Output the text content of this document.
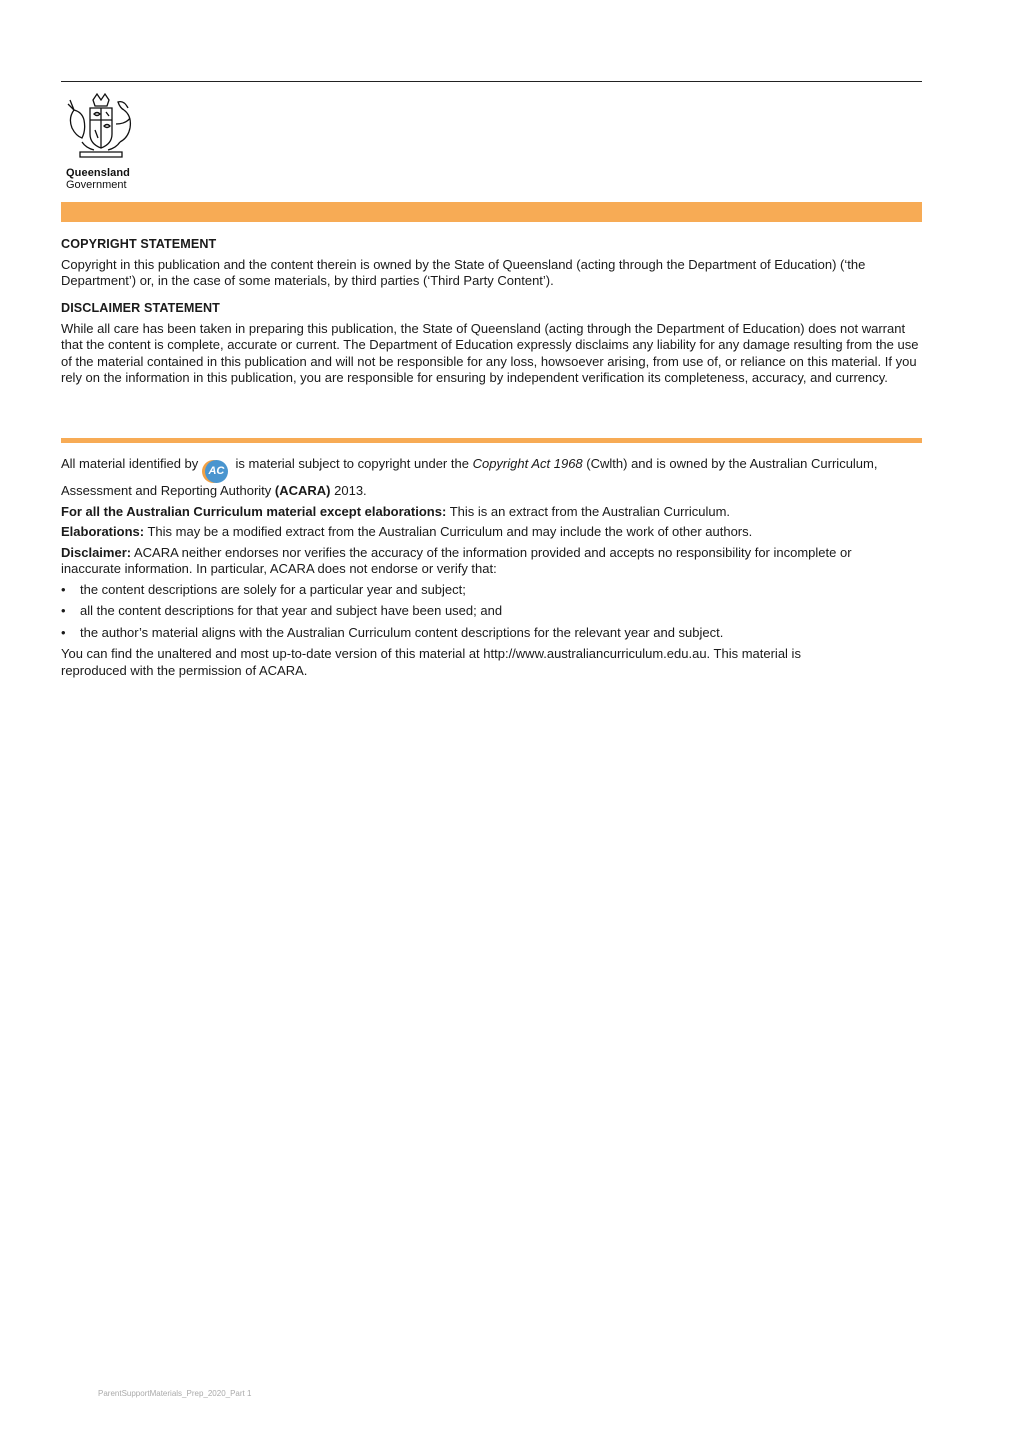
Queensland
Government
COPYRIGHT STATEMENT

Copyright in this publication and the content therein is owned by the State of Queensland (acting through the Department of Education) (‘the Department’) or, in the case of some materials, by third parties (‘Third Party Content’).

DISCLAIMER STATEMENT

While all care has been taken in preparing this publication, the State of Queensland (acting through the Department of Education) does not warrant that the content is complete, accurate or current. The Department of Education expressly disclaims any liability for any damage resulting from the use of the material contained in this publication and will not be responsible for any loss, howsoever arising, from use of, or reliance on this material. If you rely on the information in this publication, you are responsible for ensuring by independent verification its completeness, accuracy, and currency.

All material identified by AC is material subject to copyright under the Copyright Act 1968 (Cwlth) and is owned by the Australian Curriculum, Assessment and Reporting Authority (ACARA) 2013.

For all the Australian Curriculum material except elaborations: This is an extract from the Australian Curriculum.

Elaborations: This may be a modified extract from the Australian Curriculum and may include the work of other authors.

Disclaimer: ACARA neither endorses nor verifies the accuracy of the information provided and accepts no responsibility for incomplete or inaccurate information. In particular, ACARA does not endorse or verify that:

•	the content descriptions are solely for a particular year and subject;
•	all the content descriptions for that year and subject have been used; and
•	the author’s material aligns with the Australian Curriculum content descriptions for the relevant year and subject.

You can find the unaltered and most up-to-date version of this material at http://www.australiancurriculum.edu.au. This material is reproduced with the permission of ACARA.

ParentSupportMaterials_Prep_2020_Part 1
